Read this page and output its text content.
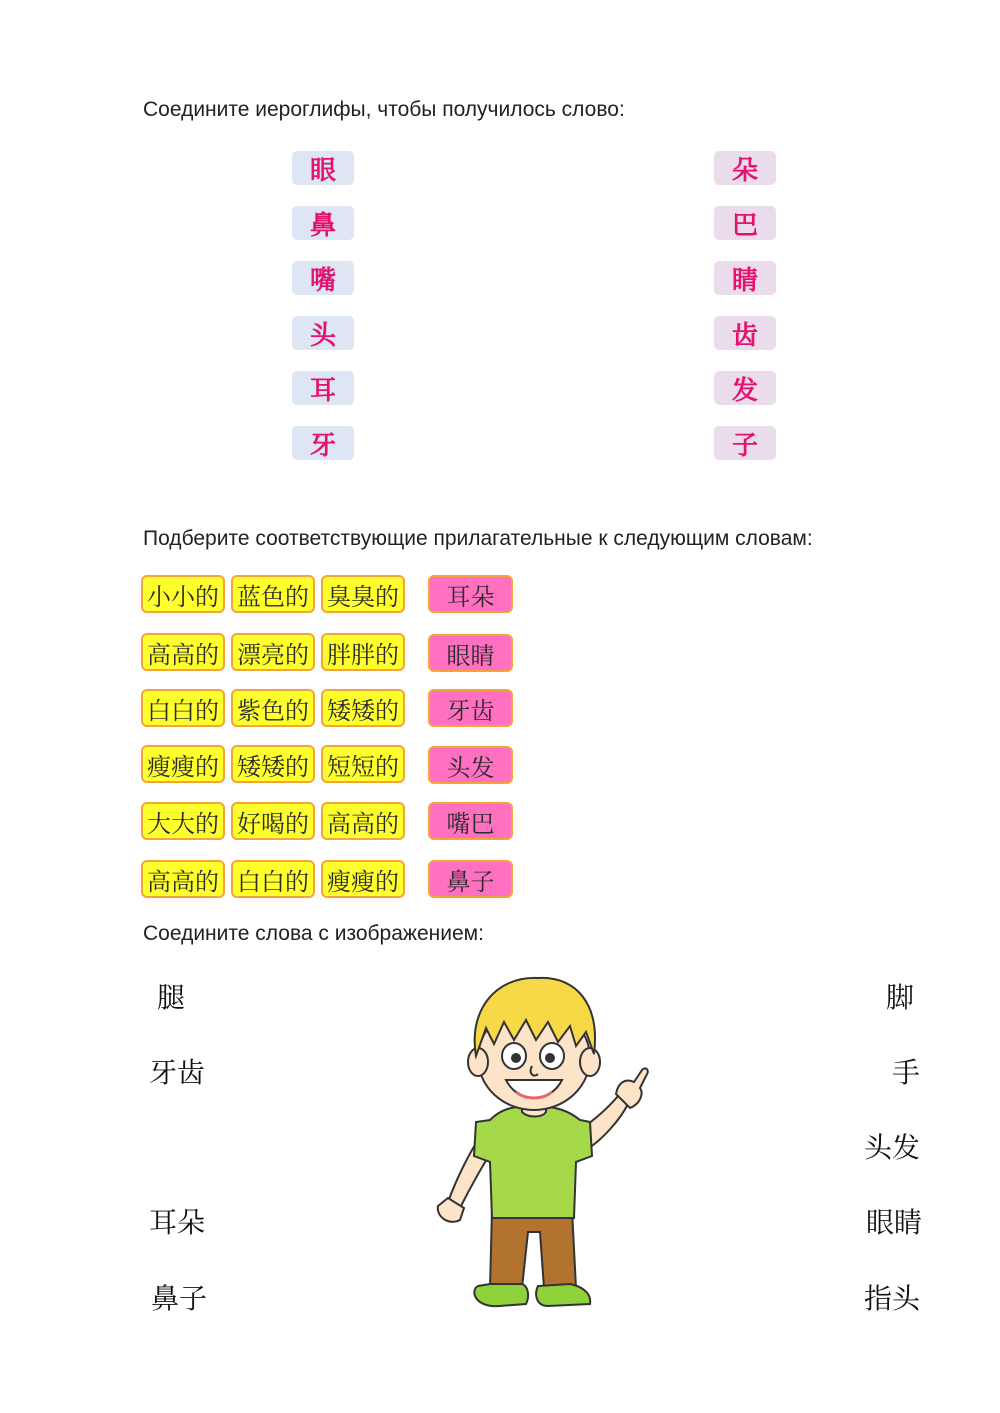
Соедините иероглифы, чтобы получилось слово:
眼
鼻
嘴
头
耳
牙
朵
巴
睛
齿
发
子
Подберите соответствующие прилагательные к следующим словам:
小小的 蓝色的 臭臭的	耳朵
高高的 漂亮的 胖胖的	眼睛
白白的 紫色的 矮矮的	牙齿
瘦瘦的 矮矮的 短短的	头发
大大的 好喝的 高高的	嘴巴
高高的 白白的 瘦瘦的	鼻子
Соедините слова с изображением:
腿
牙齿
耳朵
鼻子
脚
手
头发
眼睛
指头
